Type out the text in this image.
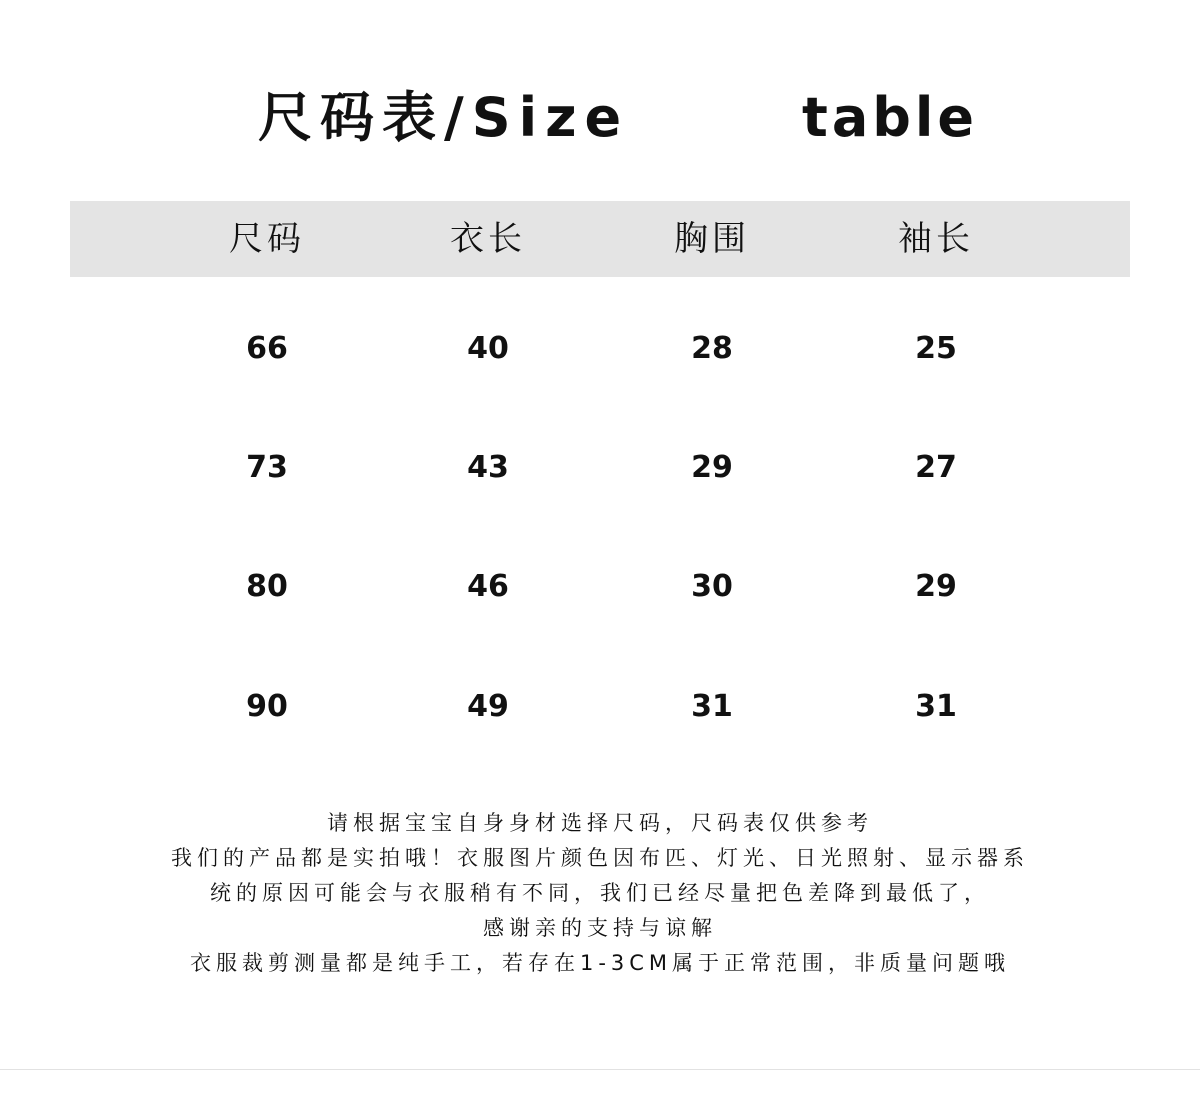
尺码表/Size	table
尺码	衣长	胸围	袖长
66	40	28	25
73	43	29	27
80	46	30	29
90	49	31	31
请根据宝宝自身身材选择尺码，尺码表仅供参考
我们的产品都是实拍哦！衣服图片颜色因布匹、灯光、日光照射、显示器系
统的原因可能会与衣服稍有不同，我们已经尽量把色差降到最低了，
感谢亲的支持与谅解
衣服裁剪测量都是纯手工，若存在1-3CM属于正常范围，非质量问题哦
